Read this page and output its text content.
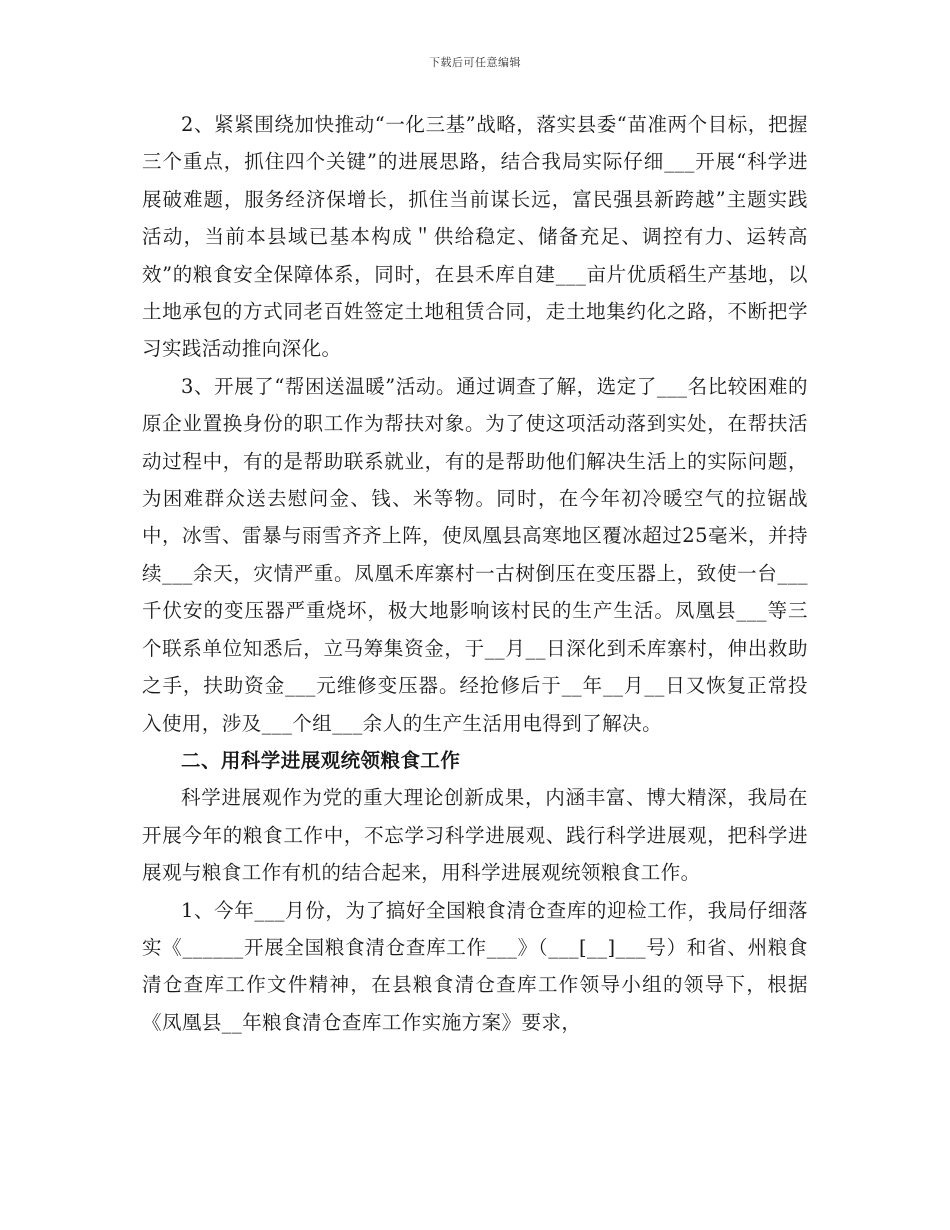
下载后可任意编辑

2、紧紧围绕加快推动“一化三基”战略，落实县委“苗准两个目标，把握三个重点，抓住四个关键”的进展思路，结合我局实际仔细___开展“科学进展破难题，服务经济保增长，抓住当前谋长远，富民强县新跨越”主题实践活动，当前本县域已基本构成＂供给稳定、储备充足、调控有力、运转高效”的粮食安全保障体系，同时，在县禾库自建___亩片优质稻生产基地，以土地承包的方式同老百姓签定土地租赁合同，走土地集约化之路，不断把学习实践活动推向深化。

3、开展了“帮困送温暖”活动。通过调查了解，选定了___名比较困难的原企业置换身份的职工作为帮扶对象。为了使这项活动落到实处，在帮扶活动过程中，有的是帮助联系就业，有的是帮助他们解决生活上的实际问题，为困难群众送去慰问金、钱、米等物。同时，在今年初冷暖空气的拉锯战中，冰雪、雷暴与雨雪齐齐上阵，使凤凰县高寒地区覆冰超过25毫米，并持续___余天，灾情严重。凤凰禾库寨村一古树倒压在变压器上，致使一台___千伏安的变压器严重烧坏，极大地影响该村民的生产生活。凤凰县___等三个联系单位知悉后，立马筹集资金，于__月__日深化到禾库寨村，伸出救助之手，扶助资金___元维修变压器。经抢修后于__年__月__日又恢复正常投入使用，涉及___个组___余人的生产生活用电得到了解决。

二、用科学进展观统领粮食工作

科学进展观作为党的重大理论创新成果，内涵丰富、博大精深，我局在开展今年的粮食工作中，不忘学习科学进展观、践行科学进展观，把科学进展观与粮食工作有机的结合起来，用科学进展观统领粮食工作。

1、今年___月份，为了搞好全国粮食清仓查库的迎检工作，我局仔细落实《______开展全国粮食清仓查库工作___》（___[__]___号）和省、州粮食清仓查库工作文件精神，在县粮食清仓查库工作领导小组的领导下，根据《凤凰县__年粮食清仓查库工作实施方案》要求，
